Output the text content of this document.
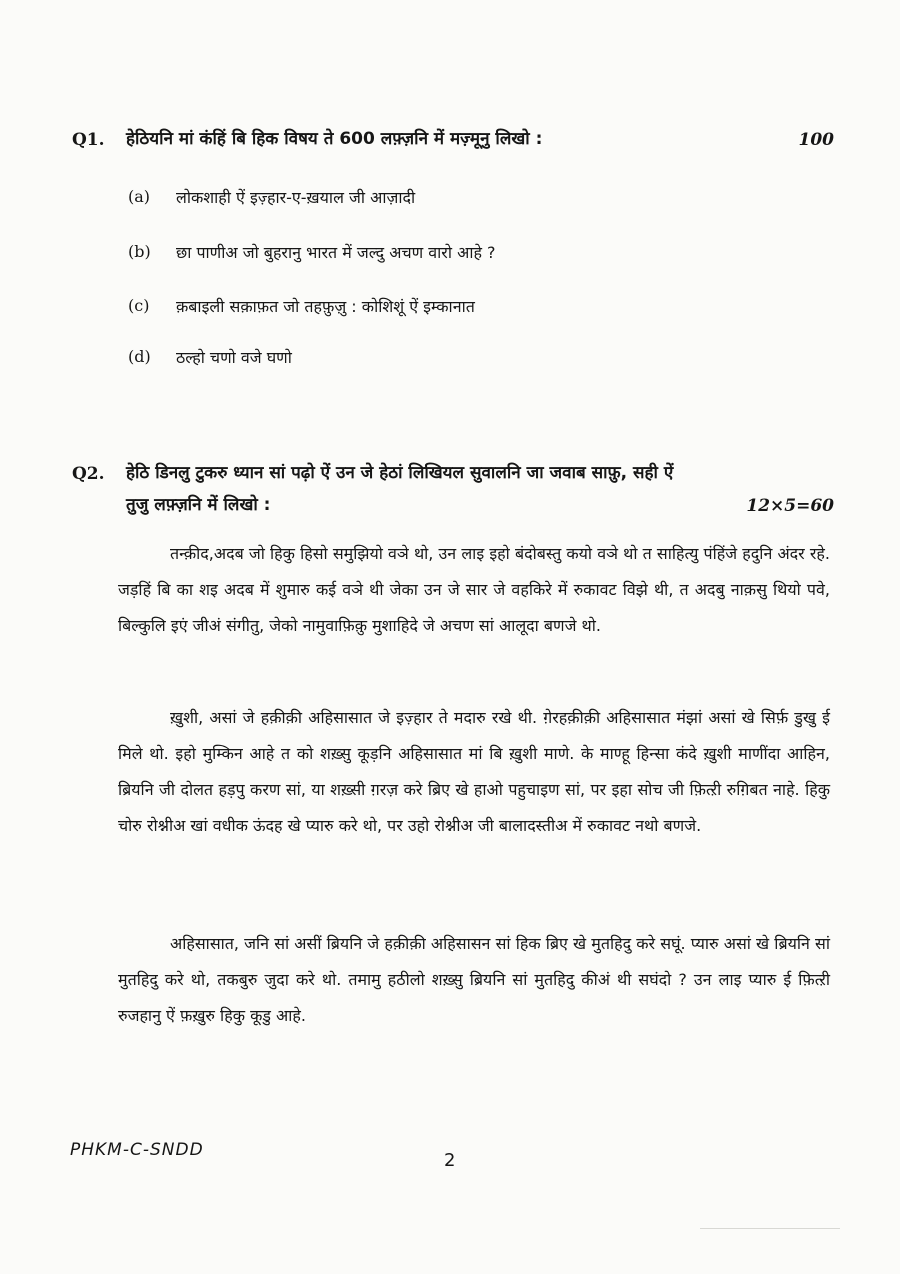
Q1. हेठियनि मां कंहिं बि हिक विषय ते 600 लफ़्ज़नि में मज़्मूनु लिखो :	100
(a) लोकशाही ऐं इज़्हार-ए-ख़याल जी आज़ादी
(b) छा पाणीअ जो बुहरानु भारत में जल्दु अचण वारो आहे ?
(c) क़बाइली सक़ाफ़त जो तहफ़ुज़ु : कोशिशूं ऐं इम्कानात
(d) ठल्हो चणो वजे घणो
Q2. हेठि डिनलु टुकरु ध्यान सां पढ़ो ऐं उन जे हेठां लिखियल सुवालनि जा जवाब साफ़ु, सही ऐं
तुजु लफ़्ज़नि में लिखो :	12×5=60
तन्क़ीद,अदब जो हिकु हिसो समुझियो वञे थो, उन लाइ इहो बंदोबस्तु कयो वञे थो त साहित्यु पंहिंजे हदुनि अंदर रहे. जड़हिं बि का शइ अदब में शुमारु कई वञे थी जेका उन जे सार जे वहकिरे में रुकावट विझे थी, त अदबु नाक़सु थियो पवे, बिल्कुलि इएं जीअं संगीतु, जेको नामुवाफ़िक़ु मुशाहिदे जे अचण सां आलूदा बणजे थो.
ख़ुशी, असां जे हक़ीक़ी अहिसासात जे इज़्हार ते मदारु रखे थी. ग़ेरहक़ीक़ी अहिसासात मंझां असां खे सिर्फ़ डुखु ई मिले थो. इहो मुम्किन आहे त को शख़्सु कूड़नि अहिसासात मां बि ख़ुशी माणे. के माण्हू हिन्सा कंदे ख़ुशी माणींदा आहिन, ब्रियनि जी दोलत हड़पु करण सां, या शख़्सी ग़रज़ करे ब्रिए खे हाओ पहुचाइण सां, पर इहा सोच जी फ़ित्ऱी रुग़िबत नाहे. हिकु चोरु रोश्नीअ खां वधीक ऊंदह खे प्यारु करे थो, पर उहो रोश्नीअ जी बालादस्तीअ में रुकावट नथो बणजे.
अहिसासात, जनि सां असीं ब्रियनि जे हक़ीक़ी अहिसासन सां हिक ब्रिए खे मुतहिदु करे सघूं. प्यारु असां खे ब्रियनि सां मुतहिदु करे थो, तकबुरु जुदा करे थो. तमामु हठीलो शख़्सु ब्रियनि सां मुतहिदु कीअं थी सघंदो ? उन लाइ प्यारु ई फ़ित्ऱी रुजहानु ऐं फ़ख़ुरु हिकु कूडु आहे.
PHKM-C-SNDD	2
